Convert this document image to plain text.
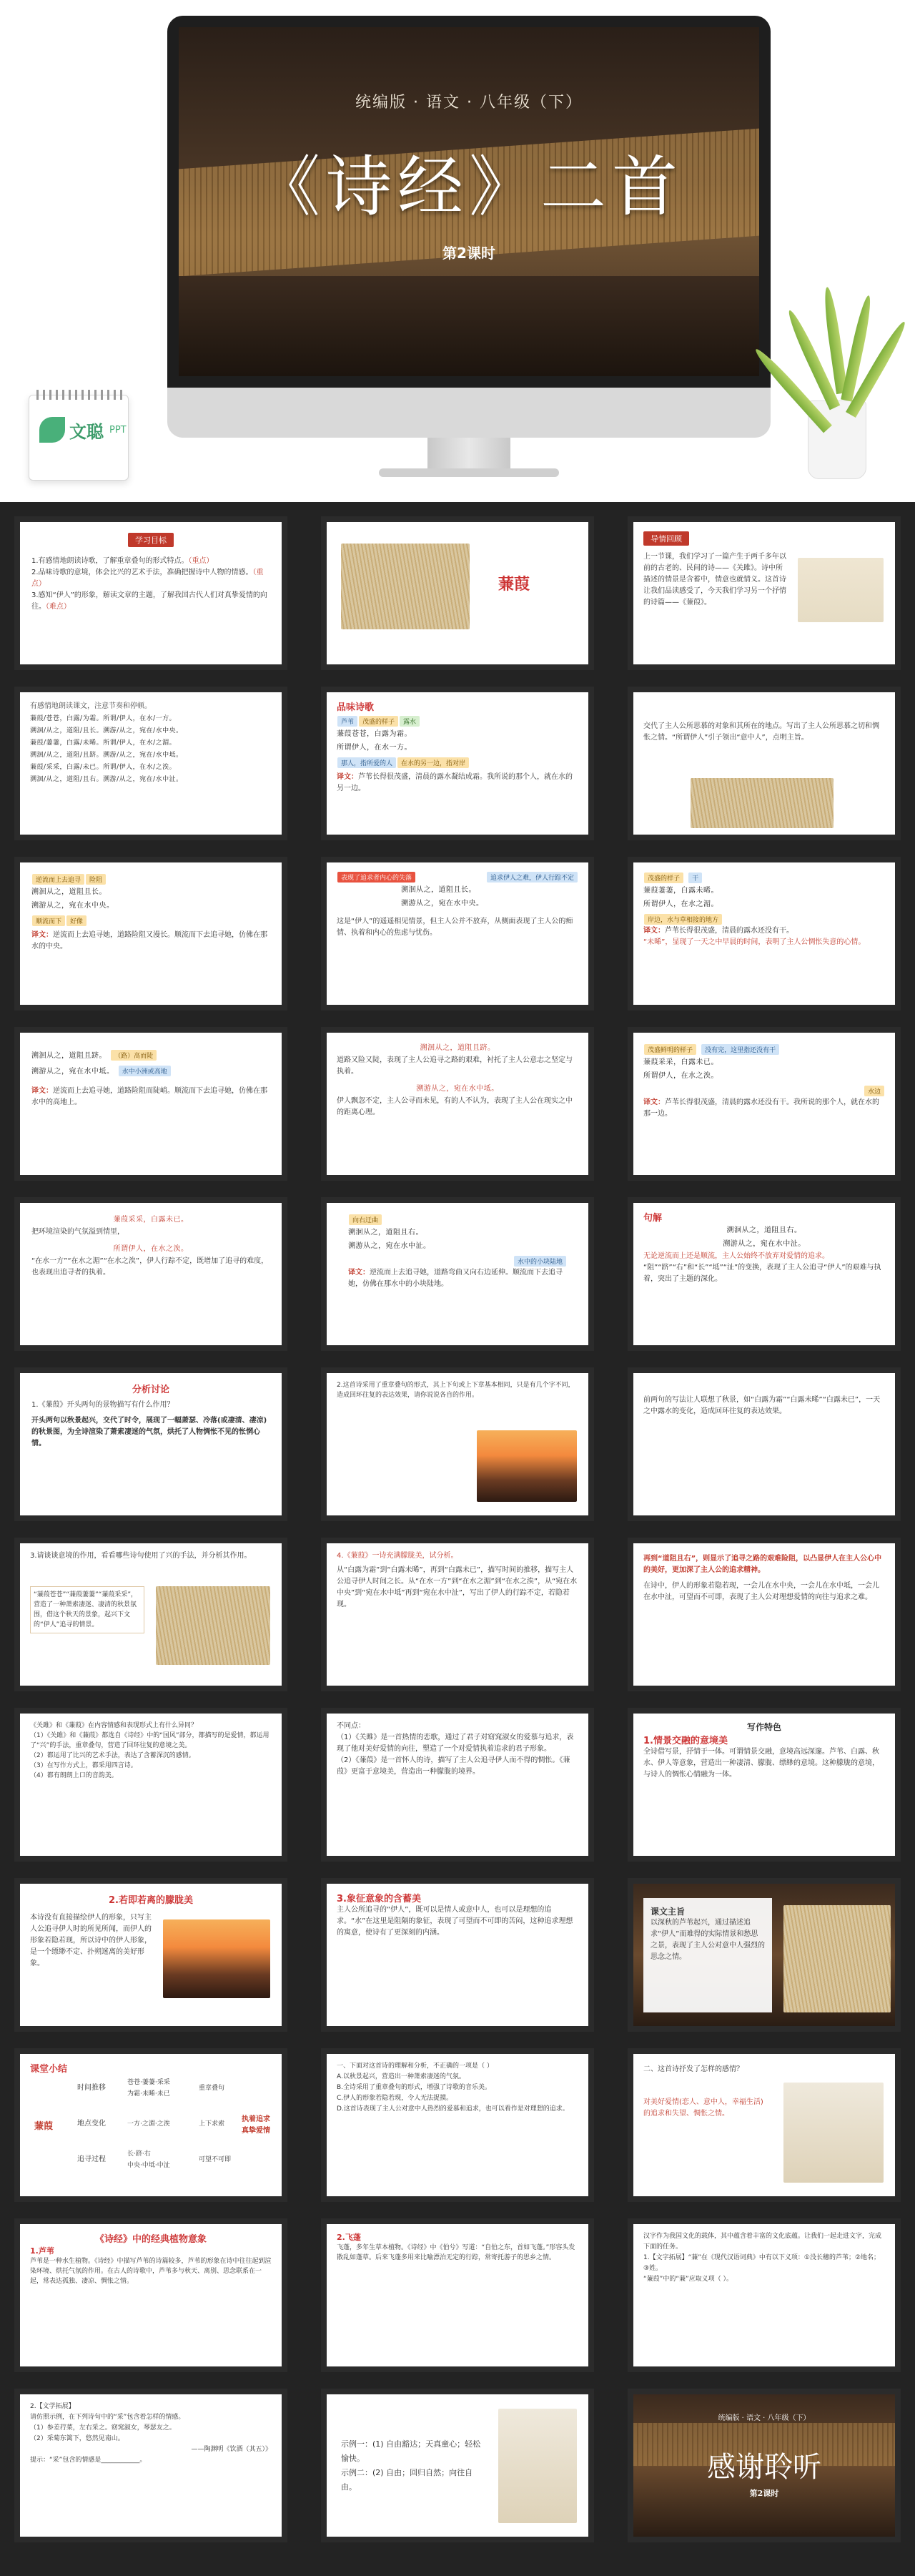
统编版 · 语文 · 八年级（下）
《诗经》二首
第2课时
文聪 PPT
学习目标
1.有感情地朗读诗歌，了解重章叠句的形式特点。（重点）
2.品味诗歌的意境，体会比兴的艺术手法，准确把握诗中人物的情感。（重点）
3.感知“伊人”的形象，解读文章的主题，了解我国古代人们对真挚爱情的向往。（难点）
蒹葭
导情回顾
上一节课，我们学习了一篇产生于两千多年以前的古老的、民间的诗——《关雎》。诗中所描述的情景是含蓄中，情意也就情义。这首诗让我们品读感受了，今天我们学习另一个抒情的诗篇——《蒹葭》。
有感情地朗读课文，注意节奏和停顿。
蒹葭/苍苍，白露/为霜。所谓/伊人，在水/一方。
溯洄/从之，道阻/且长。溯游/从之，宛在/水中央。
蒹葭/萋萋，白露/未晞。所谓/伊人，在水/之湄。
溯洄/从之，道阻/且跻。溯游/从之，宛在/水中坻。
蒹葭/采采，白露/未已。所谓/伊人，在水/之涘。
溯洄/从之，道阻/且右。溯游/从之，宛在/水中沚。
品味诗歌
芦苇 茂盛的样子 露水
蒹葭苍苍，白露为霜。
所谓伊人，在水一方。
那人，指所爱的人 在水的另一边，指对岸
译文：芦苇长得很茂盛，清晨的露水凝结成霜。我所说的那个人，就在水的另一边。
交代了主人公所思慕的对象和其所在的地点。写出了主人公所思慕之切和惆怅之情。“所谓伊人”引子领出“意中人”，点明主旨。
逆流而上去追寻 险阻
溯洄从之，道阻且长。
溯游从之，宛在水中央。
顺流而下 好像
译文：逆流而上去追寻她，道路险阻又漫长。顺流而下去追寻她，仿佛在那水的中央。
表现了追求者内心的失落	追求伊人之难，伊人行踪不定
溯洄从之，道阻且长。
溯游从之，宛在水中央。
这是“伊人”的遥遥相见情景，但主人公并不放弃，从侧面表现了主人公的痴情、执着和内心的焦虑与忧伤。
茂盛的样子 干
蒹葭萋萋，白露未晞。
所谓伊人，在水之湄。
岸边，水与草相接的地方
译文：芦苇长得很茂盛，清晨的露水还没有干。
“未晞”，显现了一天之中早晨的时间，表明了主人公惆怅失意的心情。
溯洄从之，道阻且跻。 （路）高而陡
溯游从之，宛在水中坻。 水中小洲或高地
译文：逆流而上去追寻她，道路险阻而陡峭。顺流而下去追寻她，仿佛在那水中的高地上。
溯洄从之，道阻且跻。
道路又险又陡，表现了主人公追寻之路的艰难，衬托了主人公意志之坚定与执着。
溯游从之，宛在水中坻。
伊人飘忽不定，主人公寻而未见，有的人不认为，表现了主人公在现实之中的距离心理。
茂盛鲜明的样子 没有完，这里指还没有干
蒹葭采采，白露未已。
所谓伊人，在水之涘。
水边
译文：芦苇长得很茂盛，清晨的露水还没有干。我所说的那个人，就在水的那一边。
蒹葭采采，白露未已。
把环境渲染的气氛溢到情里，
所谓伊人，在水之涘。
“在水一方”“在水之湄”“在水之涘”，伊人行踪不定，既增加了追寻的难度，也表现出追寻者的执着。
向右迂曲
溯洄从之，道阻且右。
溯游从之，宛在水中沚。
水中的小块陆地
译文：逆流而上去追寻她，道路弯曲又向右边延伸。顺流而下去追寻她，仿佛在那水中的小块陆地。
句解
溯洄从之，道阻且右。
溯游从之，宛在水中沚。
无论逆流而上还是顺流，主人公始终不放弃对爱情的追求。
“阻”“跻”“右”和“长”“坻”“沚”的变换，表现了主人公追寻“伊人”的艰难与执着，突出了主题的深化。
分析讨论
1.《蒹葭》开头两句的景物描写有什么作用？
开头两句以秋景起兴，交代了时令，展现了一幅萧瑟、冷落(或凄清、凄凉)的秋景图，为全诗渲染了萧索凄迷的气氛，烘托了人物惆怅不见的怅惘心情。
2.这首诗采用了重章叠句的形式，其上下句或上下章基本相同，只是有几个字不同，造成回环往复的表达效果，请你说说各自的作用。
前两句的写法让人联想了秋景，如“白露为霜”“白露未晞”“白露未已”，一天之中露水的变化，造成回环往复的表达效果。
3.请谈谈意境的作用，看看哪些诗句使用了兴的手法，并分析其作用。
“蒹葭苍苍”“蒹葭萋萋”“蒹葭采采”，营造了一种萧索凄迷、凄清的秋景氛围，借这个秋天的景象，起兴下文的“伊人”追寻的情景。
4.《蒹葭》一诗充满朦胧美，试分析。
从“白露为霜”到“白露未晞”，再到“白露未已”，描写时间的推移，描写主人公追寻伊人时间之长。从“在水一方”到“在水之湄”到“在水之涘”，从“宛在水中央”到“宛在水中坻”再到“宛在水中沚”，写出了伊人的行踪不定，若隐若现。
再到“道阻且右”，则显示了追寻之路的艰难险阻，以凸显伊人在主人公心中的美好，更加深了主人公的追求精神。
在诗中，伊人的形象若隐若现，一会儿在水中央，一会儿在水中坻，一会儿在水中沚，可望而不可即，表现了主人公对理想爱情的向往与追求之难。
《关雎》和《蒹葭》在内容情感和表现形式上有什么异同？
（1）《关雎》和《蒹葭》都选自《诗经》中的“国风”部分，都描写的是爱情，都运用了“兴”的手法，重章叠句，营造了回环往复的意境之美。
（2）都运用了比兴的艺术手法，表达了含蓄深沉的感情。
（3）在写作方式上，都采用四言诗。
（4）都有朗朗上口的音韵美。
不同点：
（1）《关雎》是一首热情的恋歌，通过了君子对窈窕淑女的爱慕与追求，表现了他对美好爱情的向往，塑造了一个对爱情执着追求的君子形象。
（2）《蒹葭》是一首怀人的诗，描写了主人公追寻伊人而不得的惆怅。《蒹葭》更富于意境美，营造出一种朦胧的境界。
写作特色
1.情景交融的意境美
全诗借写景，抒情于一体。可谓情景交融，意境高远深邃。芦苇、白露、秋水、伊人等意象，营造出一种凄清、朦胧、缥缈的意境。这种朦胧的意境，与诗人的惆怅心情融为一体。
2.若即若离的朦胧美
本诗没有直接描绘伊人的形象，只写主人公追寻伊人时的所见所闻，而伊人的形象若隐若现，所以诗中的伊人形象，是一个缥缈不定、扑朔迷离的美好形象。
3.象征意象的含蓄美
主人公所追寻的“伊人”，既可以是情人或意中人，也可以是理想的追求。“水”在这里是阻隔的象征，表现了可望而不可即的苦闷，这种追求理想的寓意，使诗有了更深刻的内涵。
课文主旨
以深秋的芦苇起兴，通过描述追求“伊人”而难得的实际情景和愁思之景，表现了主人公对意中人强烈的思念之情。
课堂小结
蒹葭
时间推移
地点变化
追寻过程
苍苍·萋萋·采采
为霜·未晞·未已
一方·之湄·之涘
长·跻·右
中央·中坻·中沚
重章叠句
上下求索
可望不可即
执着追求 真挚爱情
一、下面对这首诗的理解和分析，不正确的一项是（ ）
A.以秋景起兴，营造出一种萧索凄迷的气氛。
B.全诗采用了重章叠句的形式，增强了诗歌的音乐美。
C.伊人的形象若隐若现，令人无法捉摸。
D.这首诗表现了主人公对意中人热烈的爱慕和追求，也可以看作是对理想的追求。
二、这首诗抒发了怎样的感情？
对美好爱情(恋人、意中人，幸福生活)的追求和失望、惆怅之情。
《诗经》中的经典植物意象
1.芦苇
芦苇是一种水生植物。《诗经》中描写芦苇的诗篇较多，芦苇的形象在诗中往往起到渲染环境、烘托气氛的作用。在古人的诗歌中，芦苇多与秋天、离别、思念联系在一起，常表达孤独、凄凉、惆怅之情。
2.飞蓬
飞蓬，多年生草本植物。《诗经》中《伯兮》写道：“自伯之东，首如飞蓬。”形容头发散乱如蓬草。后来飞蓬多用来比喻漂泊无定的行踪，常寄托游子的思乡之情。
汉字作为我国文化的载体，其中蕴含着丰富的文化底蕴。让我们一起走进文字，完成下面的任务。
1.【文字拓展】“蒹”在《现代汉语词典》中有以下义项：①没长穗的芦苇；②地名；③姓。
“蒹葭”中的“蒹”应取义项（ ）。
2.【文学拓展】
请仿照示例，在下列诗句中的“采”包含着怎样的情感。
（1）参差荇菜，左右采之。窈窕淑女，琴瑟友之。
（2）采菊东篱下，悠然见南山。
——陶渊明《饮酒（其五）》
提示：“采”包含的情感是____________。
示例一：(1) 自由豁达；天真童心；轻松愉快。
示例二：(2) 自由；回归自然；向往自由。
统编版 · 语文 · 八年级（下）
感谢聆听
第2课时
